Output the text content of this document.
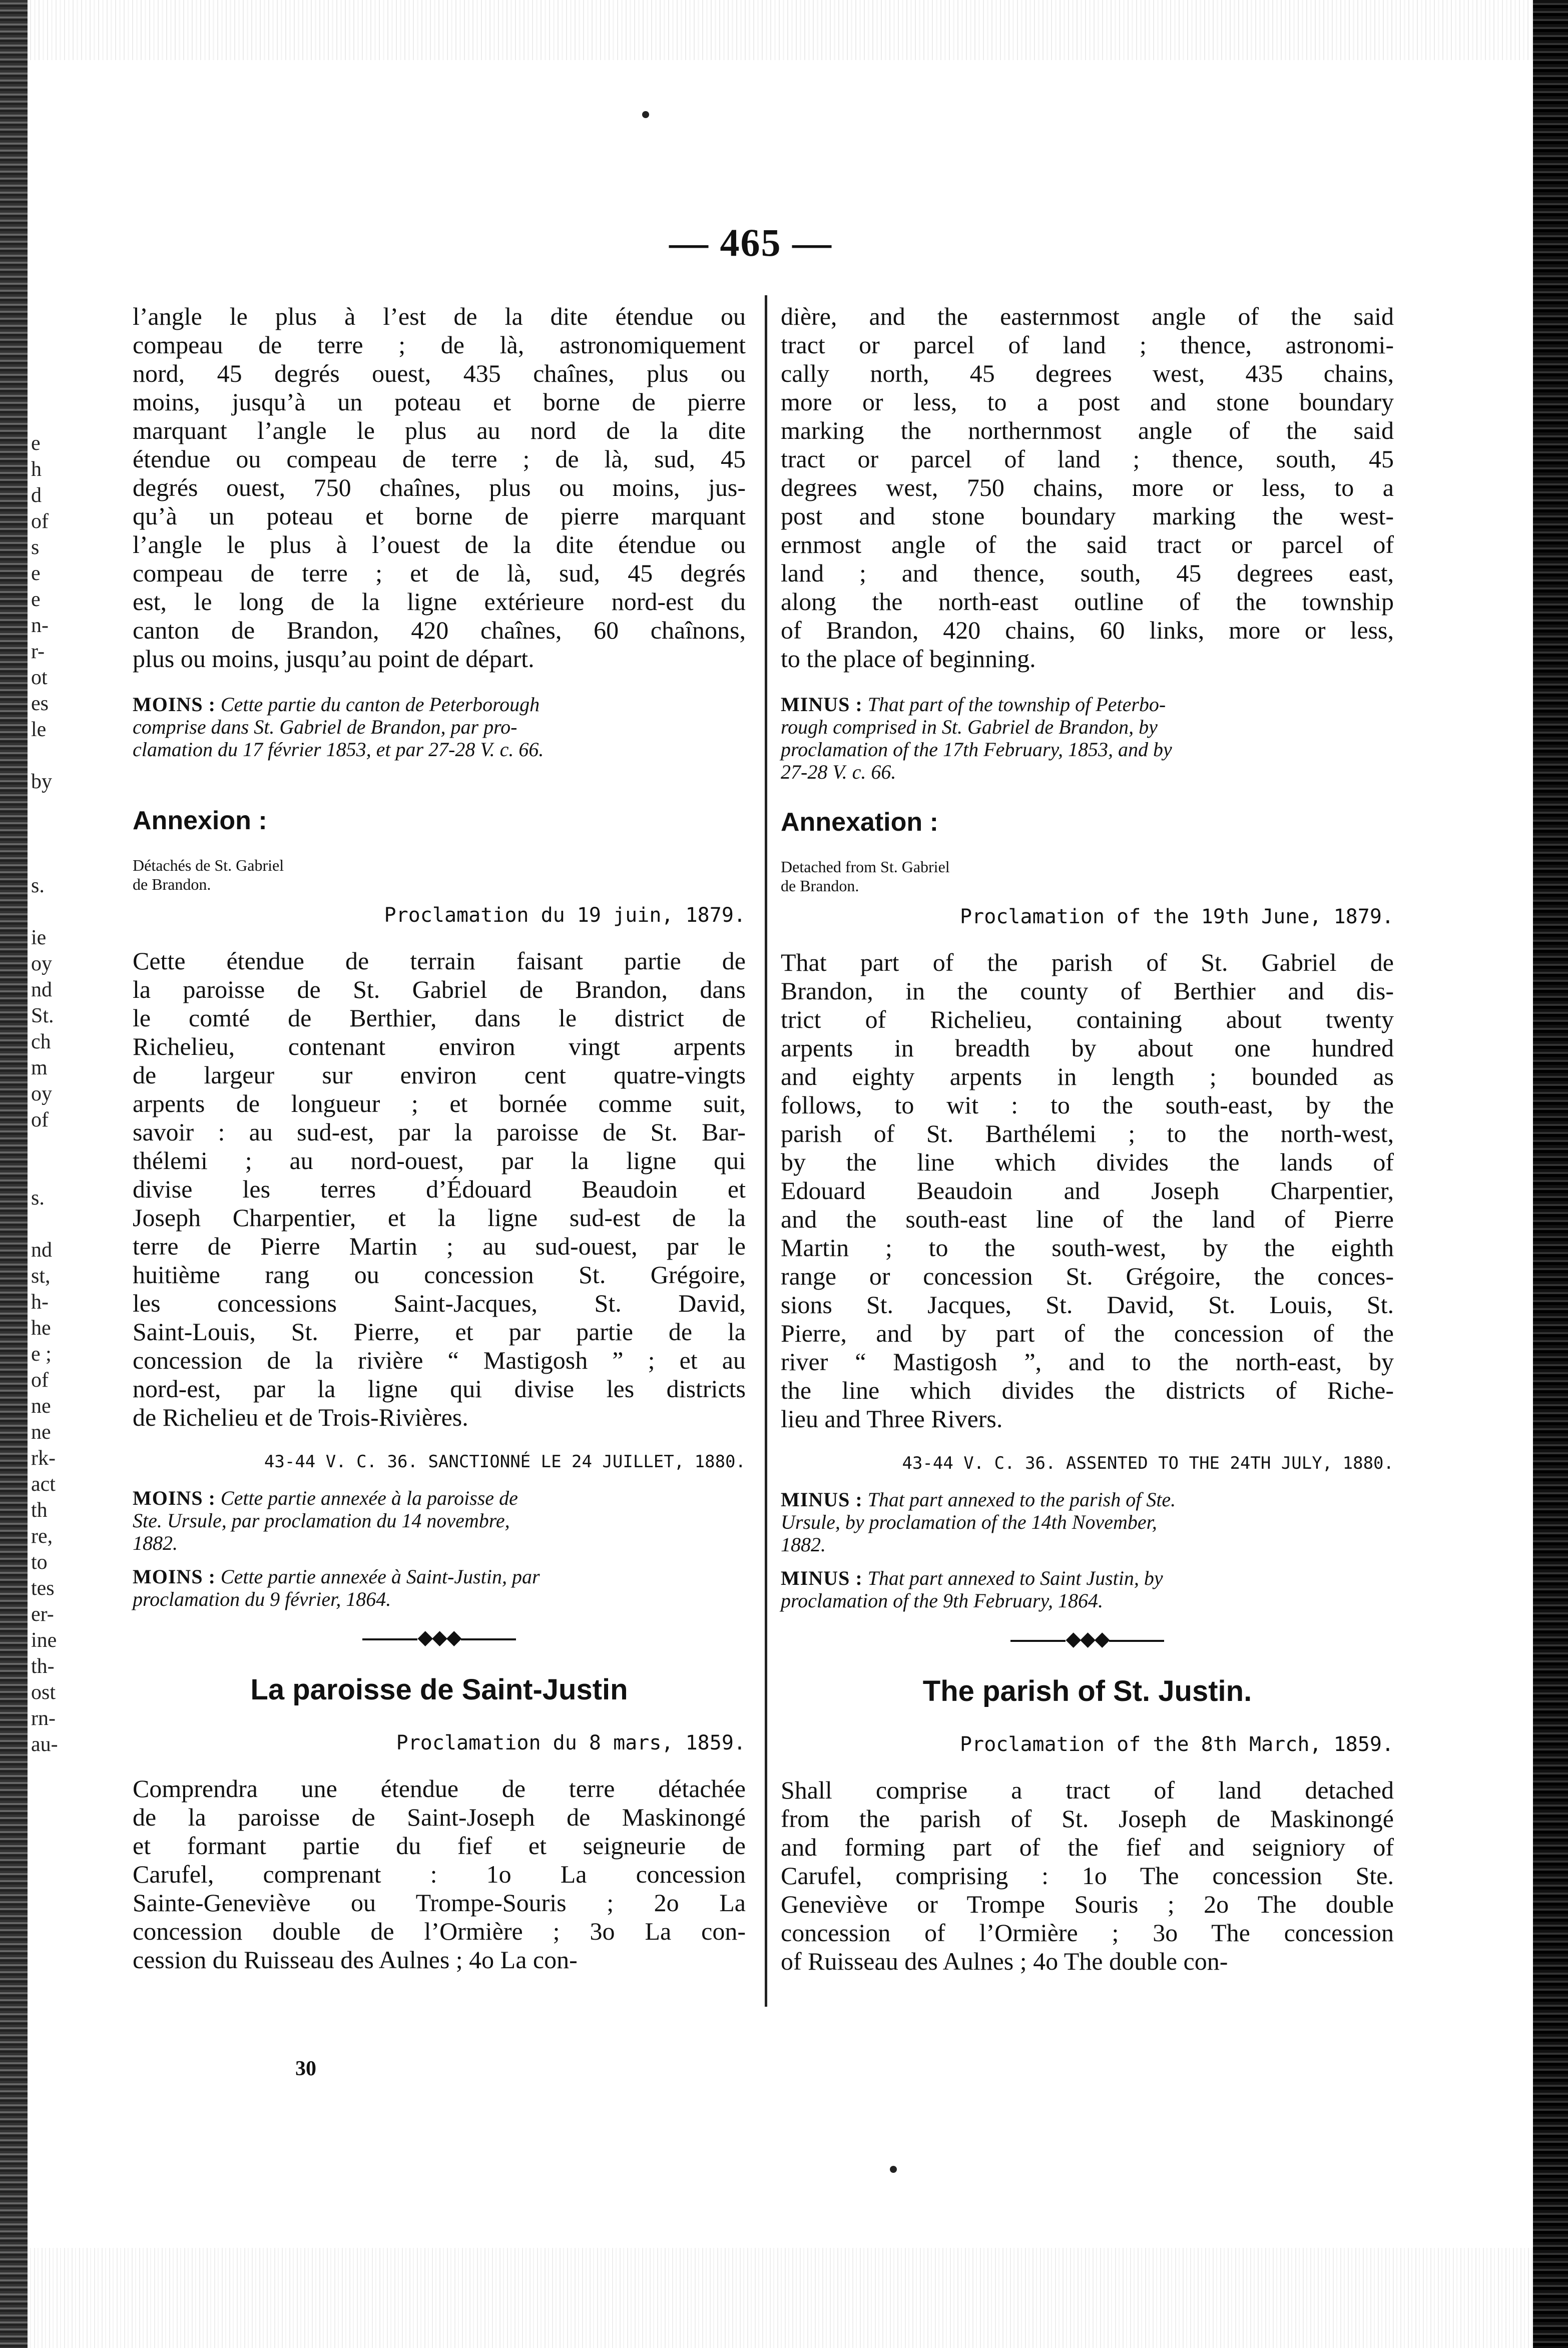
e
h
d
of
s
e
e
n-
r-
ot
es
le
by
s.
ie
oy
nd
St.
ch
m
oy
of
s.
nd
st,
h-
he
e ;
of
ne
ne
rk-
act
th
re,
to
tes
er-
ine
th-
ost
rn-
au-
— 465 —
l’angle le plus à l’est de la dite étendue ou
compeau de terre ; de là, astronomiquement
nord, 45 degrés ouest, 435 chaînes, plus ou
moins, jusqu’à un poteau et borne de pierre
marquant l’angle le plus au nord de la dite
étendue ou compeau de terre ; de là, sud, 45
degrés ouest, 750 chaînes, plus ou moins, jus-
qu’à un poteau et borne de pierre marquant
l’angle le plus à l’ouest de la dite étendue ou
compeau de terre ; et de là, sud, 45 degrés
est, le long de la ligne extérieure nord-est du
canton de Brandon, 420 chaînes, 60 chaînons,
plus ou moins, jusqu’au point de départ.
MOINS : Cette partie du canton de Peterborough
comprise dans St. Gabriel de Brandon, par pro-
clamation du 17 février 1853, et par 27-28 V. c. 66.
Annexion :
Détachés de St. Gabriel
de Brandon.
Proclamation du 19 juin, 1879.
Cette étendue de terrain faisant partie de
la paroisse de St. Gabriel de Brandon, dans
le comté de Berthier, dans le district de
Richelieu, contenant environ vingt arpents
de largeur sur environ cent quatre-vingts
arpents de longueur ; et bornée comme suit,
savoir : au sud-est, par la paroisse de St. Bar-
thélemi ; au nord-ouest, par la ligne qui
divise les terres d’Édouard Beaudoin et
Joseph Charpentier, et la ligne sud-est de la
terre de Pierre Martin ; au sud-ouest, par le
huitième rang ou concession St. Grégoire,
les concessions Saint-Jacques, St. David,
Saint-Louis, St. Pierre, et par partie de la
concession de la rivière “ Mastigosh ” ; et au
nord-est, par la ligne qui divise les districts
de Richelieu et de Trois-Rivières.
43-44 V. C. 36. SANCTIONNÉ LE 24 JUILLET, 1880.
MOINS : Cette partie annexée à la paroisse de
Ste. Ursule, par proclamation du 14 novembre,
1882.
MOINS : Cette partie annexée à Saint-Justin, par
proclamation du 9 février, 1864.
◆◆◆
La paroisse de Saint-Justin
Proclamation du 8 mars, 1859.
Comprendra une étendue de terre détachée
de la paroisse de Saint-Joseph de Maskinongé
et formant partie du fief et seigneurie de
Carufel, comprenant : 1o La concession
Sainte-Geneviève ou Trompe-Souris ; 2o La
concession double de l’Ormière ; 3o La con-
cession du Ruisseau des Aulnes ; 4o La con-
dière, and the easternmost angle of the said
tract or parcel of land ; thence, astronomi-
cally north, 45 degrees west, 435 chains,
more or less, to a post and stone boundary
marking the northernmost angle of the said
tract or parcel of land ; thence, south, 45
degrees west, 750 chains, more or less, to a
post and stone boundary marking the west-
ernmost angle of the said tract or parcel of
land ; and thence, south, 45 degrees east,
along the north-east outline of the township
of Brandon, 420 chains, 60 links, more or less,
to the place of beginning.
MINUS : That part of the township of Peterbo-
rough comprised in St. Gabriel de Brandon, by
proclamation of the 17th February, 1853, and by
27-28 V. c. 66.
Annexation :
Detached from St. Gabriel
de Brandon.
Proclamation of the 19th June, 1879.
That part of the parish of St. Gabriel de
Brandon, in the county of Berthier and dis-
trict of Richelieu, containing about twenty
arpents in breadth by about one hundred
and eighty arpents in length ; bounded as
follows, to wit : to the south-east, by the
parish of St. Barthélemi ; to the north-west,
by the line which divides the lands of
Edouard Beaudoin and Joseph Charpentier,
and the south-east line of the land of Pierre
Martin ; to the south-west, by the eighth
range or concession St. Grégoire, the conces-
sions St. Jacques, St. David, St. Louis, St.
Pierre, and by part of the concession of the
river “ Mastigosh ”, and to the north-east, by
the line which divides the districts of Riche-
lieu and Three Rivers.
43-44 V. C. 36. ASSENTED TO THE 24TH JULY, 1880.
MINUS : That part annexed to the parish of Ste.
Ursule, by proclamation of the 14th November,
1882.
MINUS : That part annexed to Saint Justin, by
proclamation of the 9th February, 1864.
◆◆◆
The parish of St. Justin.
Proclamation of the 8th March, 1859.
Shall comprise a tract of land detached
from the parish of St. Joseph de Maskinongé
and forming part of the fief and seigniory of
Carufel, comprising : 1o The concession Ste.
Geneviève or Trompe Souris ; 2o The double
concession of l’Ormière ; 3o The concession
of Ruisseau des Aulnes ; 4o The double con-
30
